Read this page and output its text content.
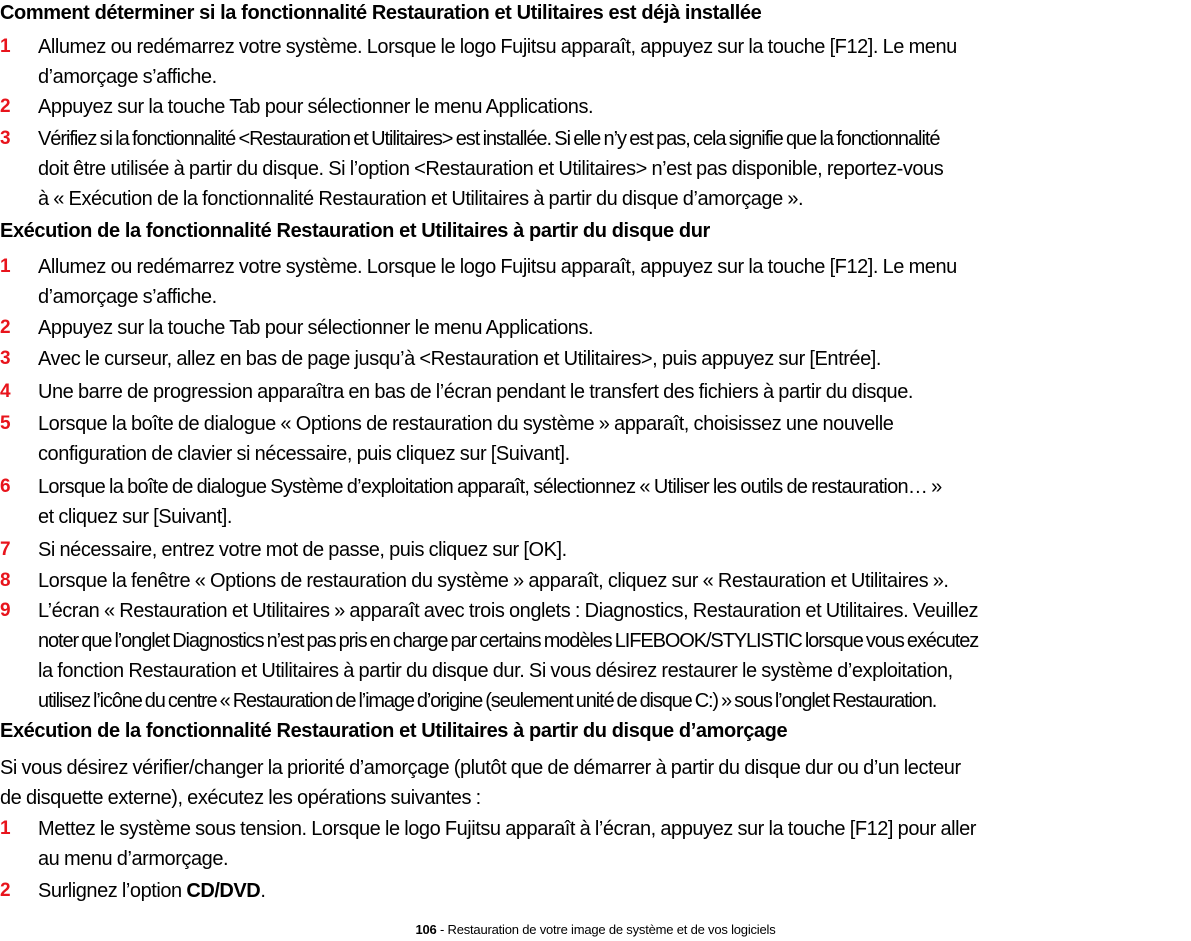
Comment déterminer si la fonctionnalité Restauration et Utilitaires est déjà installée
1	Allumez ou redémarrez votre système. Lorsque le logo Fujitsu apparaît, appuyez sur la touche [F12]. Le menu
d’amorçage s’affiche.
2	Appuyez sur la touche Tab pour sélectionner le menu Applications.
3	Vérifiez si la fonctionnalité <Restauration et Utilitaires> est installée. Si elle n’y est pas, cela signifie que la fonctionnalité
doit être utilisée à partir du disque. Si l’option <Restauration et Utilitaires> n’est pas disponible, reportez-vous
à « Exécution de la fonctionnalité Restauration et Utilitaires à partir du disque d’amorçage ».
Exécution de la fonctionnalité Restauration et Utilitaires à partir du disque dur
1	Allumez ou redémarrez votre système. Lorsque le logo Fujitsu apparaît, appuyez sur la touche [F12]. Le menu
d’amorçage s’affiche.
2	Appuyez sur la touche Tab pour sélectionner le menu Applications.
3	Avec le curseur, allez en bas de page jusqu’à <Restauration et Utilitaires>, puis appuyez sur [Entrée].
4	Une barre de progression apparaîtra en bas de l’écran pendant le transfert des fichiers à partir du disque.
5	Lorsque la boîte de dialogue « Options de restauration du système » apparaît, choisissez une nouvelle
configuration de clavier si nécessaire, puis cliquez sur [Suivant].
6	Lorsque la boîte de dialogue Système d’exploitation apparaît, sélectionnez « Utiliser les outils de restauration… »
et cliquez sur [Suivant].
7	Si nécessaire, entrez votre mot de passe, puis cliquez sur [OK].
8	Lorsque la fenêtre « Options de restauration du système » apparaît, cliquez sur « Restauration et Utilitaires ».
9	L’écran « Restauration et Utilitaires » apparaît avec trois onglets : Diagnostics, Restauration et Utilitaires. Veuillez
noter que l’onglet Diagnostics n’est pas pris en charge par certains modèles LIFEBOOK/STYLISTIC lorsque vous exécutez
la fonction Restauration et Utilitaires à partir du disque dur. Si vous désirez restaurer le système d’exploitation,
utilisez l’icône du centre « Restauration de l’image d’origine (seulement unité de disque C:) » sous l’onglet Restauration.
Exécution de la fonctionnalité Restauration et Utilitaires à partir du disque d’amorçage
Si vous désirez vérifier/changer la priorité d’amorçage (plutôt que de démarrer à partir du disque dur ou d’un lecteur
de disquette externe), exécutez les opérations suivantes :
1	Mettez le système sous tension. Lorsque le logo Fujitsu apparaît à l’écran, appuyez sur la touche [F12] pour aller
au menu d’armorçage.
2	Surlignez l’option CD/DVD.
106 - Restauration de votre image de système et de vos logiciels
